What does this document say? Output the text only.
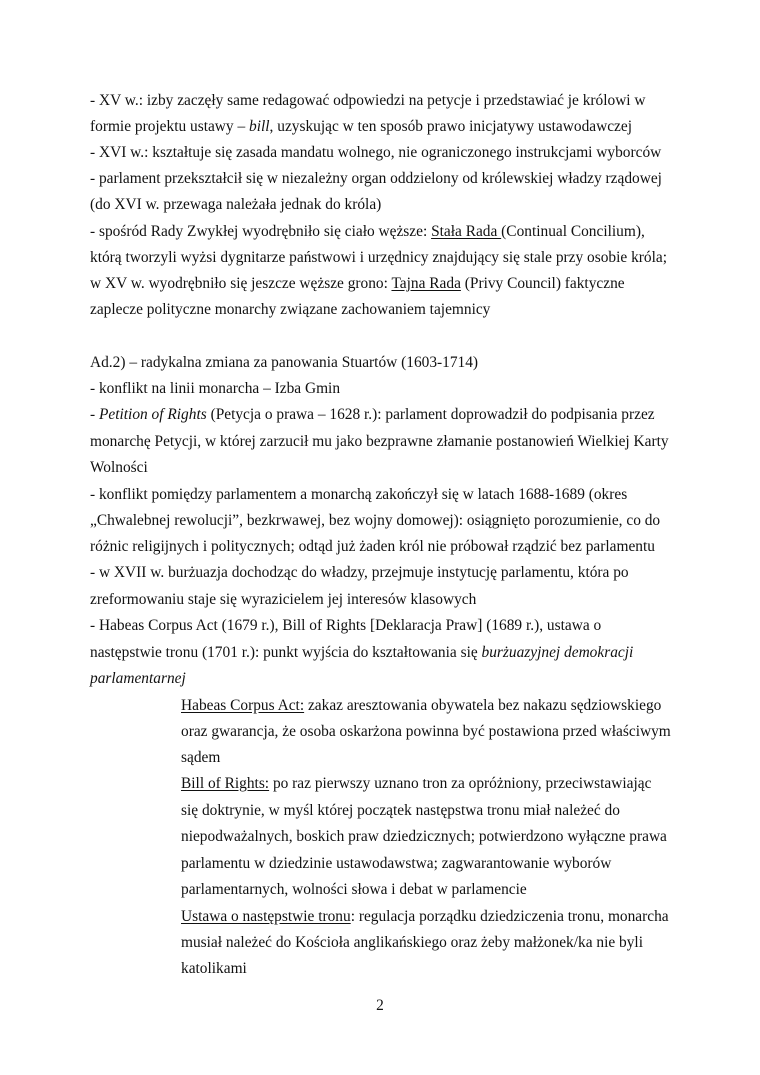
- XV w.: izby zaczęły same redagować odpowiedzi na petycje i przedstawiać je królowi w
formie projektu ustawy – bill, uzyskując w ten sposób prawo inicjatywy ustawodawczej
- XVI w.: kształtuje się zasada mandatu wolnego, nie ograniczonego instrukcjami wyborców
- parlament przekształcił się w niezależny organ oddzielony od królewskiej władzy rządowej
(do XVI w. przewaga należała jednak do króla)
- spośród Rady Zwykłej wyodrębniło się ciało węższe: Stała Rada (Continual Concilium),
którą tworzyli wyżsi dygnitarze państwowi i urzędnicy znajdujący się stale przy osobie króla;
w XV w. wyodrębniło się jeszcze węższe grono: Tajna Rada (Privy Council) faktyczne
zaplecze polityczne monarchy związane zachowaniem tajemnicy
Ad.2) – radykalna zmiana za panowania Stuartów (1603-1714)
- konflikt na linii monarcha – Izba Gmin
- Petition of Rights (Petycja o prawa – 1628 r.): parlament doprowadził do podpisania przez
monarchę Petycji, w której zarzucił mu jako bezprawne złamanie postanowień Wielkiej Karty
Wolności
- konflikt pomiędzy parlamentem a monarchą zakończył się w latach 1688-1689 (okres
„Chwalebnej rewolucji”, bezkrwawej, bez wojny domowej): osiągnięto porozumienie, co do
różnic religijnych i politycznych; odtąd już żaden król nie próbował rządzić bez parlamentu
- w XVII w. burżuazja dochodząc do władzy, przejmuje instytucję parlamentu, która po
zreformowaniu staje się wyrazicielem jej interesów klasowych
- Habeas Corpus Act (1679 r.), Bill of Rights [Deklaracja Praw] (1689 r.), ustawa o
następstwie tronu (1701 r.): punkt wyjścia do kształtowania się burżuazyjnej demokracji
parlamentarnej
Habeas Corpus Act: zakaz aresztowania obywatela bez nakazu sędziowskiego
oraz gwarancja, że osoba oskarżona powinna być postawiona przed właściwym
sądem
Bill of Rights: po raz pierwszy uznano tron za opróżniony, przeciwstawiając
się doktrynie, w myśl której początek następstwa tronu miał należeć do
niepodważalnych, boskich praw dziedzicznych; potwierdzono wyłączne prawa
parlamentu w dziedzinie ustawodawstwa; zagwarantowanie wyborów
parlamentarnych, wolności słowa i debat w parlamencie
Ustawa o następstwie tronu: regulacja porządku dziedziczenia tronu, monarcha
musiał należeć do Kościoła anglikańskiego oraz żeby małżonek/ka nie byli
katolikami
2
